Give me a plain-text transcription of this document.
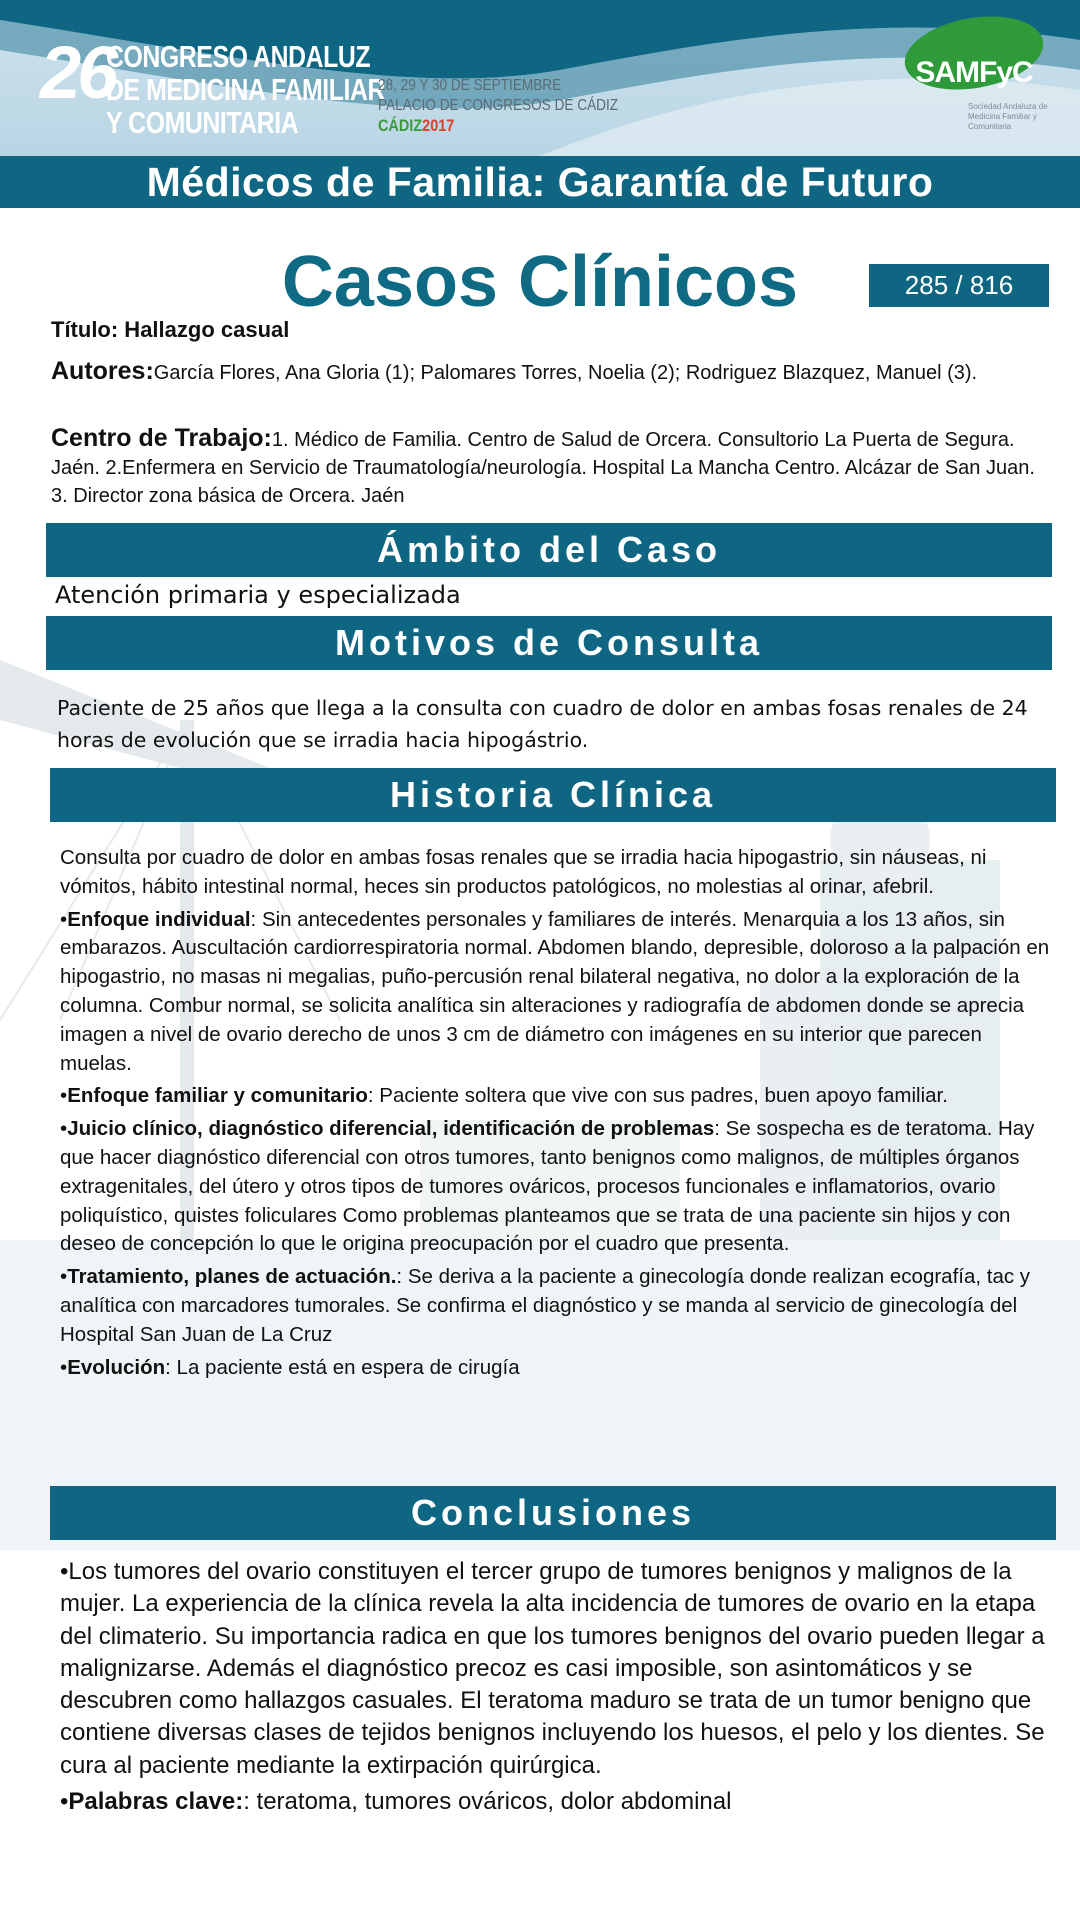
26
CONGRESO ANDALUZ
DE MEDICINA FAMILIAR
Y COMUNITARIA
28, 29 Y 30 DE SEPTIEMBRE
PALACIO DE CONGRESOS DE CÁDIZ
CÁDIZ2017
SAMFyC
Sociedad Andaluza de Medicina Familiar y Comunitaria
Médicos de Familia: Garantía de Futuro
Casos Clínicos	285 / 816
Título: Hallazgo casual
Autores:García Flores, Ana Gloria (1); Palomares Torres, Noelia (2); Rodriguez Blazquez, Manuel (3).
Centro de Trabajo:1. Médico de Familia. Centro de Salud de Orcera. Consultorio La Puerta de Segura. Jaén. 2.Enfermera en Servicio de Traumatología/neurología. Hospital La Mancha Centro. Alcázar de San Juan. 3. Director zona básica de Orcera. Jaén
Ámbito del Caso
Atención primaria y especializada
Motivos de Consulta
Paciente de 25 años que llega a la consulta con cuadro de dolor en ambas fosas renales de 24 horas de evolución que se irradia hacia hipogástrio.
Historia Clínica

Consulta por cuadro de dolor en ambas fosas renales que se irradia hacia hipogastrio, sin náuseas, ni vómitos, hábito intestinal normal, heces sin productos patológicos, no molestias al orinar, afebril.

•Enfoque individual: Sin antecedentes personales y familiares de interés. Menarquia a los 13 años, sin embarazos. Auscultación cardiorrespiratoria normal. Abdomen blando, depresible, doloroso a la palpación en hipogastrio, no masas ni megalias, puño-percusión renal bilateral negativa, no dolor a la exploración de la columna. Combur normal, se solicita analítica sin alteraciones y radiografía de abdomen donde se aprecia imagen a nivel de ovario derecho de unos 3 cm de diámetro con imágenes en su interior que parecen muelas.

•Enfoque familiar y comunitario: Paciente soltera que vive con sus padres, buen apoyo familiar.

•Juicio clínico, diagnóstico diferencial, identificación de problemas: Se sospecha es de teratoma. Hay que hacer diagnóstico diferencial con otros tumores, tanto benignos como malignos, de múltiples órganos extragenitales, del útero y otros tipos de tumores ováricos, procesos funcionales e inflamatorios, ovario poliquístico, quistes foliculares Como problemas planteamos que se trata de una paciente sin hijos y con deseo de concepción lo que le origina preocupación por el cuadro que presenta.

•Tratamiento, planes de actuación.: Se deriva a la paciente a ginecología donde realizan ecografía, tac y analítica con marcadores tumorales. Se confirma el diagnóstico y se manda al servicio de ginecología del Hospital San Juan de La Cruz

•Evolución: La paciente está en espera de cirugía

Conclusiones

•Los tumores del ovario constituyen el tercer grupo de tumores benignos y malignos de la mujer. La experiencia de la clínica revela la alta incidencia de tumores de ovario en la etapa del climaterio. Su importancia radica en que los tumores benignos del ovario pueden llegar a malignizarse. Además el diagnóstico precoz es casi imposible, son asintomáticos y se descubren como hallazgos casuales. El teratoma maduro se trata de un tumor benigno que contiene diversas clases de tejidos benignos incluyendo los huesos, el pelo y los dientes. Se cura al paciente mediante la extirpación quirúrgica.

•Palabras clave:: teratoma, tumores ováricos, dolor abdominal
